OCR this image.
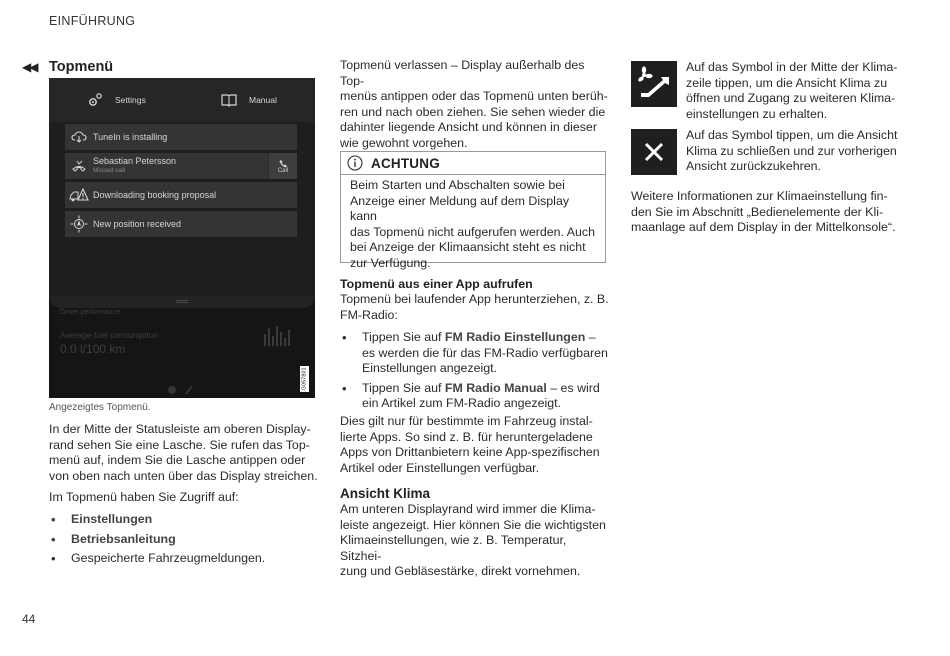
EINFÜHRUNG
◀◀ Topmenü
Settings	Manual
TuneIn is installing
Sebastian Petersson
Missed call	Call
Downloading booking proposal
New position received
Driver performance
Average fuel consumption
0.0 l/100 km
G057801
Angezeigtes Topmenü.

In der Mitte der Statusleiste am oberen Display-

rand sehen Sie eine Lasche. Sie rufen das Top-

menü auf, indem Sie die Lasche antippen oder

von oben nach unten über das Display streichen.

Im Topmenü haben Sie Zugriff auf:
• Einstellungen
• Betriebsanleitung
• Gespeicherte Fahrzeugmeldungen.

Topmenü verlassen – Display außerhalb des Top-

menüs antippen oder das Topmenü unten berüh-

ren und nach oben ziehen. Sie sehen wieder die

dahinter liegende Ansicht und können in dieser

wie gewohnt vorgehen.

ACHTUNG

Beim Starten und Abschalten sowie bei

Anzeige einer Meldung auf dem Display kann

das Topmenü nicht aufgerufen werden. Auch

bei Anzeige der Klimaansicht steht es nicht

zur Verfügung.

Topmenü aus einer App aufrufen

Topmenü bei laufender App herunterziehen, z. B.

FM-Radio:

• Tippen Sie auf FM Radio Einstellungen –
es werden die für das FM-Radio verfügbaren
Einstellungen angezeigt.
• Tippen Sie auf FM Radio Manual – es wird
ein Artikel zum FM-Radio angezeigt.

Dies gilt nur für bestimmte im Fahrzeug instal-

lierte Apps. So sind z. B. für heruntergeladene

Apps von Drittanbietern keine App-spezifischen

Artikel oder Einstellungen verfügbar.

Ansicht Klima

Am unteren Displayrand wird immer die Klima-

leiste angezeigt. Hier können Sie die wichtigsten

Klimaeinstellungen, wie z. B. Temperatur, Sitzhei-

zung und Gebläsestärke, direkt vornehmen.

Auf das Symbol in der Mitte der Klima-

zeile tippen, um die Ansicht Klima zu

öffnen und Zugang zu weiteren Klima-

einstellungen zu erhalten.

Auf das Symbol tippen, um die Ansicht

Klima zu schließen und zur vorherigen

Ansicht zurückzukehren.

Weitere Informationen zur Klimaeinstellung fin-

den Sie im Abschnitt „Bedienelemente der Kli-

maanlage auf dem Display in der Mittelkonsole“.

44
